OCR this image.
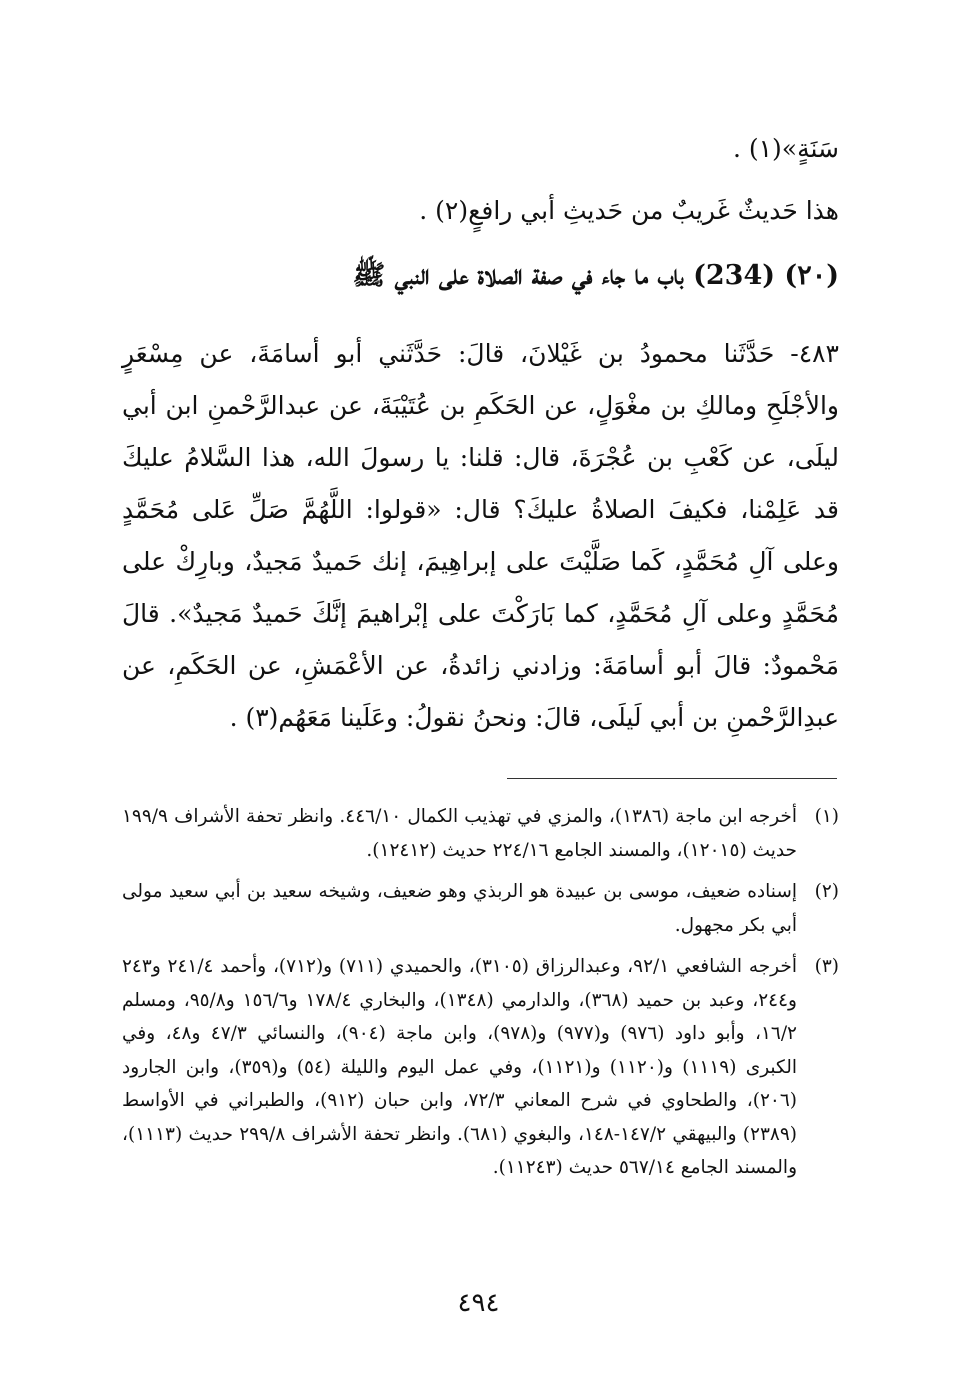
سَنَةٍ»(١) .
هذا حَديثٌ غَريبٌ من حَديثِ أبي رافعٍ(٢) .
(٢٠) (234) باب ما جاء في صفة الصلاة على النبي ﷺ

٤٨٣- حَدَّثَنا محمودُ بن غَيْلانَ، قالَ: حَدَّثَني أبو أسامَةَ، عن مِسْعَرٍ والأجْلَحِ ومالكِ بن مغْوَلٍ، عن الحَكَمِ بن عُتَيْبَةَ، عن عبدالرَّحْمنِ ابن أبي ليلَى، عن كَعْبِ بن عُجْرَةَ، قال: قلنا: يا رسولَ الله، هذا السَّلامُ عليكَ قد عَلِمْنا، فكيفَ الصلاةُ عليكَ؟ قال: «قولوا: اللَّهُمَّ صَلِّ عَلى مُحَمَّدٍ وعلى آلِ مُحَمَّدٍ، كَما صَلَّيْتَ على إبراهِيمَ، إنك حَميدٌ مَجيدٌ، وبارِكْ على مُحَمَّدٍ وعلى آلِ مُحَمَّدٍ، كما بَارَكْتَ على إبْراهيمَ إنَّكَ حَميدٌ مَجيدٌ». قالَ مَحْمودٌ: قالَ أبو أسامَةَ: وزادني زائدةُ، عن الأعْمَشِ، عن الحَكَمِ، عن عبدِالرَّحْمنِ بن أبي لَيلَى، قالَ: ونحنُ نقولُ: وعَلَينا مَعَهُم(٣) .

(١)
أخرجه ابن ماجة (١٣٨٦)، والمزي في تهذيب الكمال ٤٤٦/١٠. وانظر تحفة الأشراف ١٩٩/٩ حديث (١٢٠١٥)، والمسند الجامع ٢٢٤/١٦ حديث (١٢٤١٢).
(٢)
إسناده ضعيف، موسى بن عبيدة هو الربذي وهو ضعيف، وشيخه سعيد بن أبي سعيد مولى أبي بكر مجهول.
(٣)
أخرجه الشافعي ٩٢/١، وعبدالرزاق (٣١٠٥)، والحميدي (٧١١) و(٧١٢)، وأحمد ٢٤١/٤ و٢٤٣ و٢٤٤، وعبد بن حميد (٣٦٨)، والدارمي (١٣٤٨)، والبخاري ١٧٨/٤ و١٥٦/٦ و٩٥/٨، ومسلم ١٦/٢، وأبو داود (٩٧٦) و(٩٧٧) و(٩٧٨)، وابن ماجة (٩٠٤)، والنسائي ٤٧/٣ و٤٨، وفي الكبرى (١١١٩) و(١١٢٠) و(١١٢١)، وفي عمل اليوم والليلة (٥٤) و(٣٥٩)، وابن الجارود (٢٠٦)، والطحاوي في شرح المعاني ٧٢/٣، وابن حبان (٩١٢)، والطبراني في الأواسط (٢٣٨٩) والبيهقي ١٤٧/٢-١٤٨، والبغوي (٦٨١). وانظر تحفة الأشراف ٢٩٩/٨ حديث (١١١٣)، والمسند الجامع ٥٦٧/١٤ حديث (١١٢٤٣).
٤٩٤
